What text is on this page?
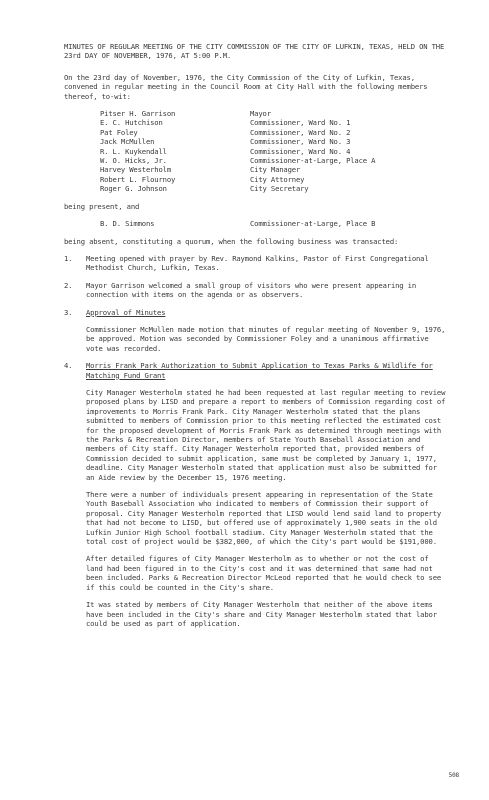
MINUTES OF REGULAR MEETING OF THE CITY COMMISSION OF THE CITY OF LUFKIN, TEXAS, HELD ON THE 23rd DAY OF NOVEMBER, 1976, AT 5:00 P.M.

On the 23rd day of November, 1976, the City Commission of the City of Lufkin, Texas, convened in regular meeting in the Council Room at City Hall with the following members thereof, to-wit:

Pitser H. Garrison	Mayor
E. C. Hutchison	Commissioner, Ward No. 1
Pat Foley	Commissioner, Ward No. 2
Jack McMullen	Commissioner, Ward No. 3
R. L. Kuykendall	Commissioner, Ward No. 4
W. O. Hicks, Jr.	Commissioner-at-Large, Place A
Harvey Westerholm	City Manager
Robert L. Flournoy	City Attorney
Roger G. Johnson	City Secretary

being present, and

B. D. Simmons	Commissioner-at-Large, Place B

being absent, constituting a quorum, when the following business was transacted:

1.	Meeting opened with prayer by Rev. Raymond Kalkins, Pastor of First Congregational Methodist Church, Lufkin, Texas.

2.	Mayor Garrison welcomed a small group of visitors who were present appearing in connection with items on the agenda or as observers.

3.	Approval of Minutes

Commissioner McMullen made motion that minutes of regular meeting of November 9, 1976, be approved. Motion was seconded by Commissioner Foley and a unanimous affirmative vote was recorded.

4.	Morris Frank Park Authorization to Submit Application to Texas Parks & Wildlife for Matching Fund Grant

City Manager Westerholm stated he had been requested at last regular meeting to review proposed plans by LISD and prepare a report to members of Commission regarding cost of improvements to Morris Frank Park. City Manager Westerholm stated that the plans submitted to members of Commission prior to this meeting reflected the estimated cost for the proposed development of Morris Frank Park as determined through meetings with the Parks & Recreation Director, members of State Youth Baseball Association and members of City staff. City Manager Westerholm reported that, provided members of Commission decided to submit application, same must be completed by January 1, 1977, deadline. City Manager Westerholm stated that application must also be submitted for an Aide review by the December 15, 1976 meeting.

There were a number of individuals present appearing in representation of the State Youth Baseball Association who indicated to members of Commission their support of proposal. City Manager Westerholm reported that LISD would lend said land to property that had not become to LISD, but offered use of approximately 1,900 seats in the old Lufkin Junior High School football stadium. City Manager Westerholm stated that the total cost of project would be $382,000, of which the City's part would be $191,000.

After detailed figures of City Manager Westerholm as to whether or not the cost of land had been figured in to the City's cost and it was determined that same had not been included. Parks & Recreation Director McLeod reported that he would check to see if this could be counted in the City's share.

It was stated by members of City Manager Westerholm that neither of the above items have been included in the City's share and City Manager Westerholm stated that labor could be used as part of application.

508
